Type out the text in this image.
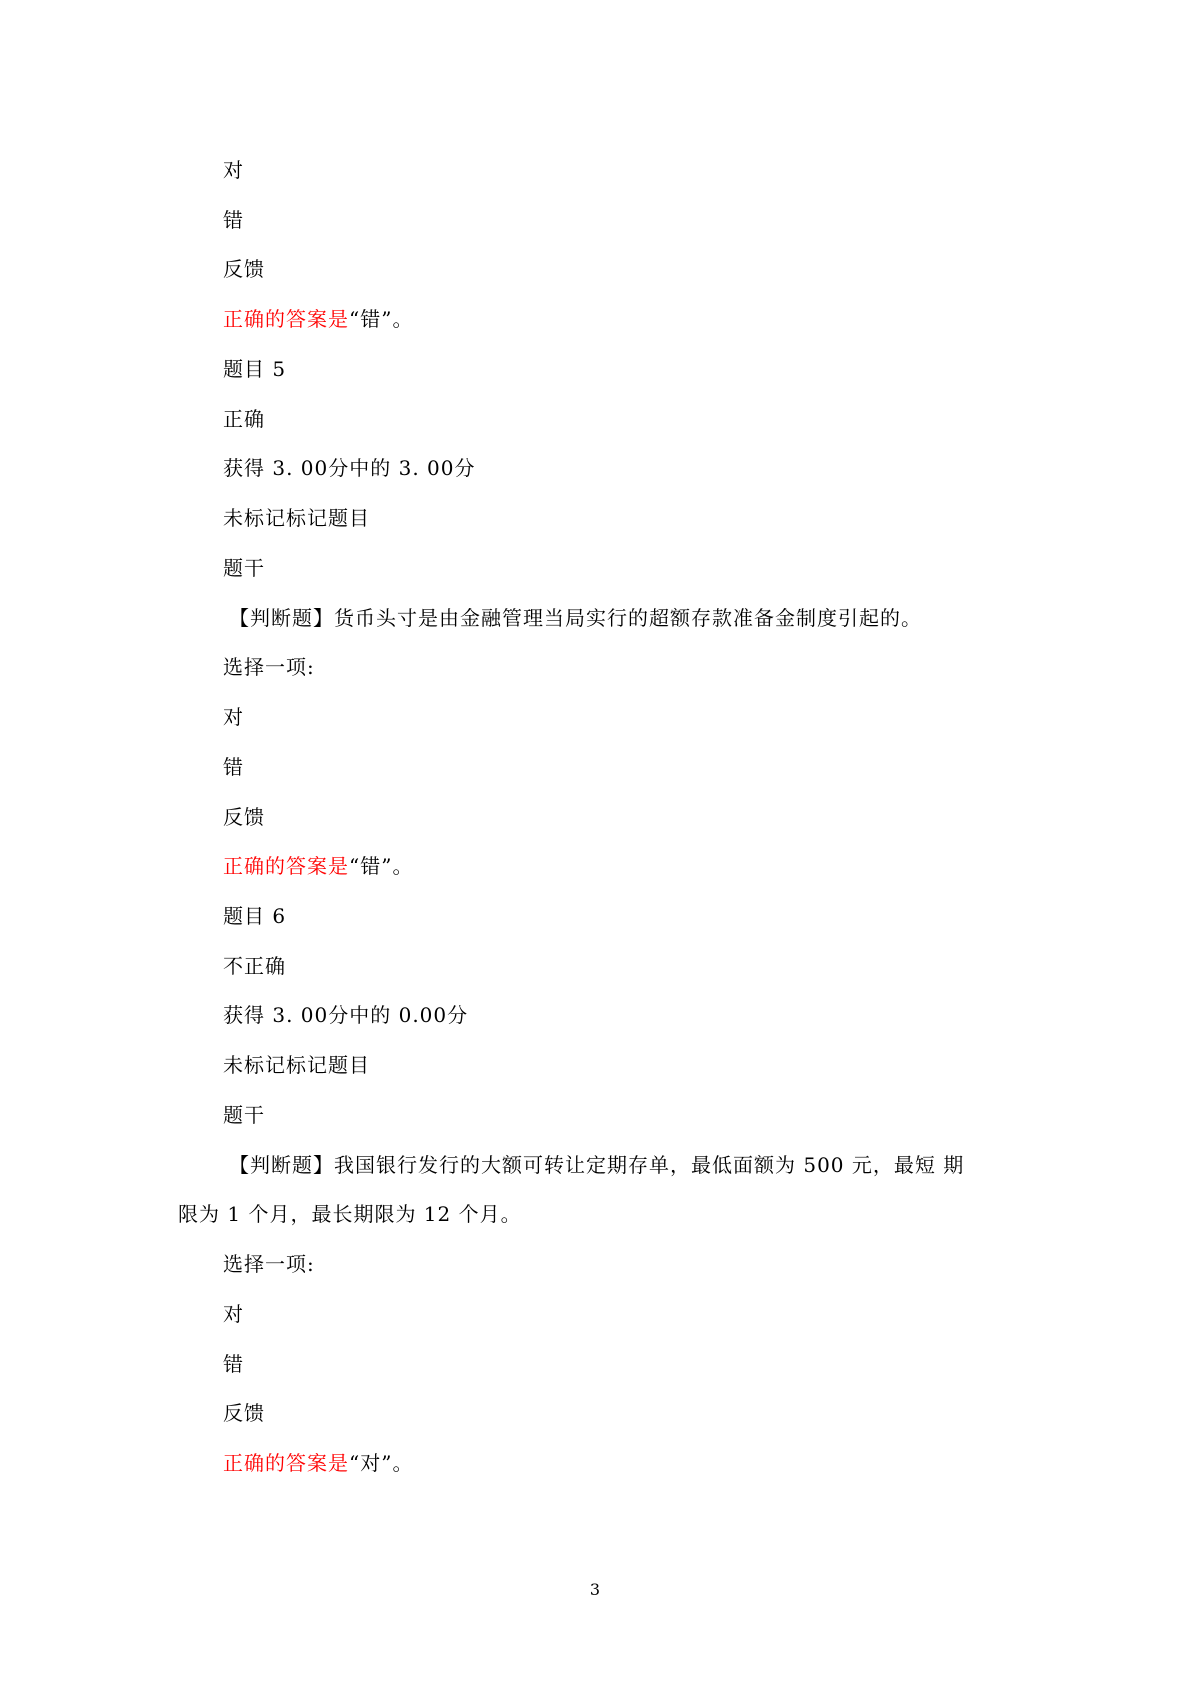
对
错
反馈
正确的答案是“错”。
题目 5
正确
获得 3. 00分中的 3. 00分
未标记标记题目
题干
【判断题】货币头寸是由金融管理当局实行的超额存款准备金制度引起的。
选择一项:
对
错
反馈
正确的答案是“错”。
题目 6
不正确
获得 3. 00分中的 0.00分
未标记标记题目
题干
【判断题】我国银行发行的大额可转让定期存单，最低面额为 500 元，最短 期
限为 1 个月，最长期限为 12 个月。
选择一项:
对
错
反馈
正确的答案是“对”。
3
